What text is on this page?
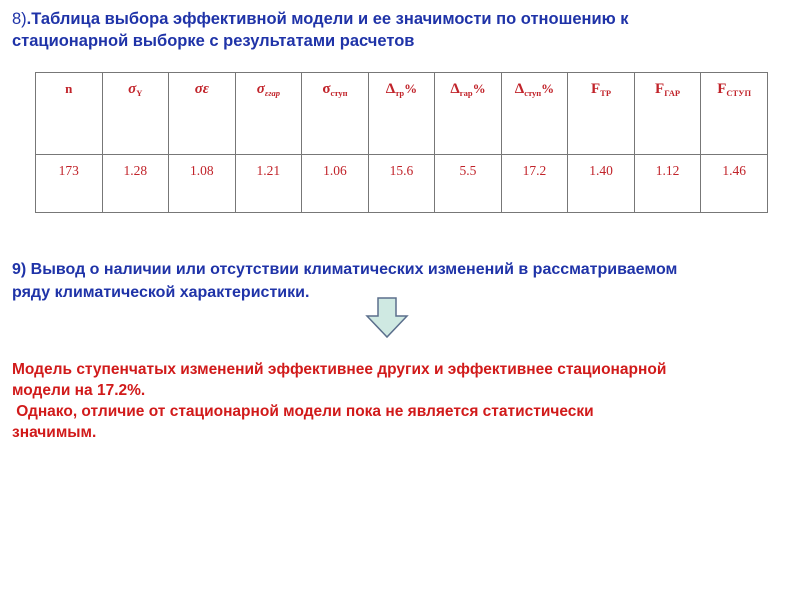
8).Таблица выбора эффективной модели и ее значимости по отношению к
стационарной выборке с результатами расчетов
n	$\sigma_Y$	σε	$\sigma_{\varepsilon гар}$	$\sigma_{ступ}$	$\Delta_{тр}\%$	$\Delta_{гар}\%$	$\Delta_{ступ}\%$	$F_{ТР}$	$F_{ГАР}$	$F_{СТУП}$
173	1.28	1.08	1.21	1.06	15.6	5.5	17.2	1.40	1.12	1.46
9) Вывод о наличии или отсутствии климатических изменений в рассматриваемом
ряду климатической характеристики.

Модель ступенчатых изменений эффективнее других и эффективнее стационарной

модели на 17.2%.

Однако, отличие от стационарной модели пока не является статистически

значимым.
